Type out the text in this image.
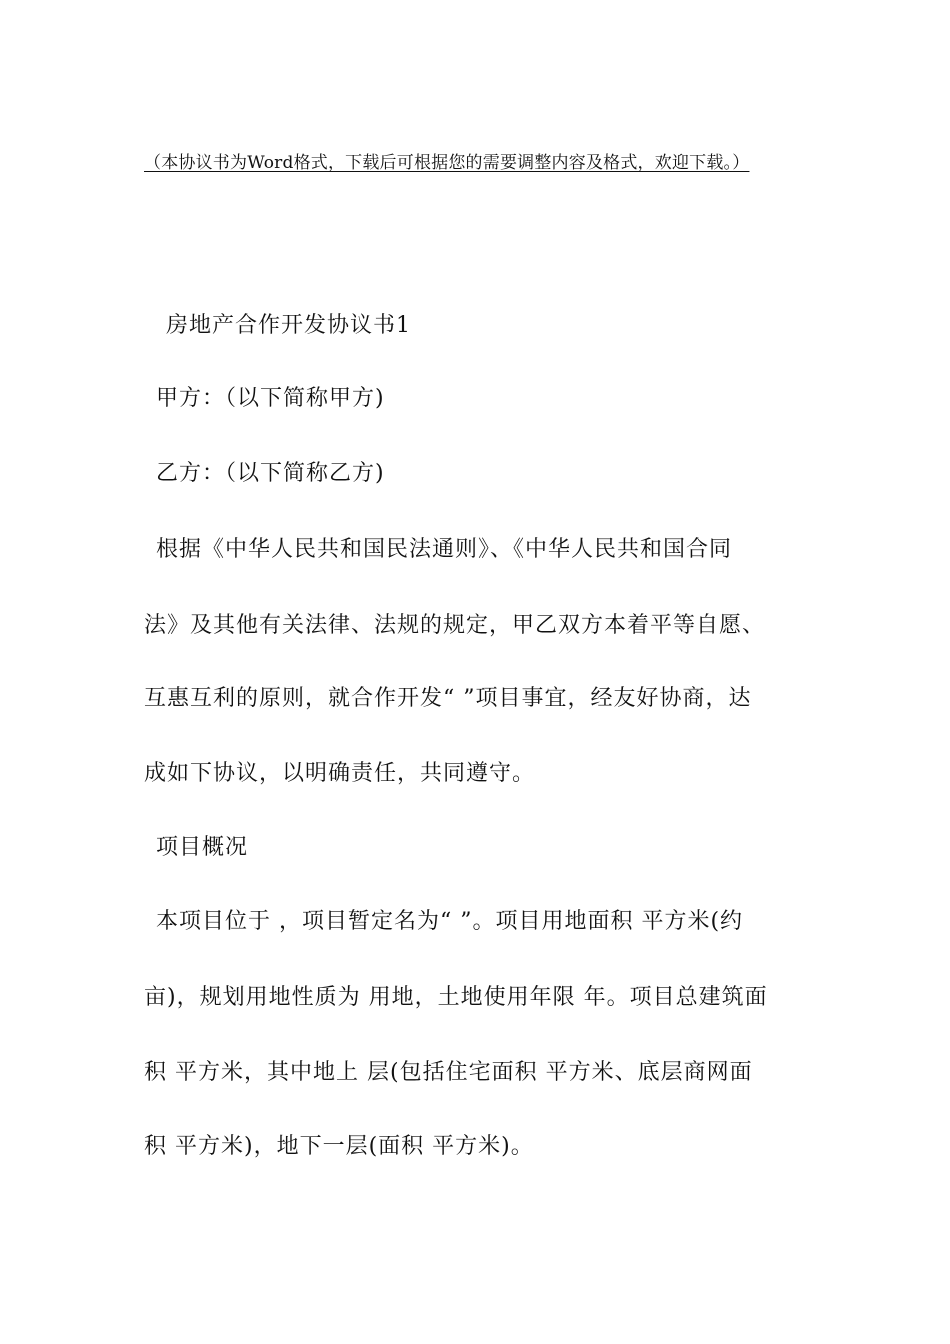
（本协议书为Word格式，下载后可根据您的需要调整内容及格式，欢迎下载。）
房地产合作开发协议书1
甲方：（以下简称甲方)
乙方：（以下简称乙方)
根据《中华人民共和国民法通则》、《中华人民共和国合同
法》及其他有关法律、法规的规定，甲乙双方本着平等自愿、
互惠互利的原则，就合作开发“ ”项目事宜，经友好协商，达
成如下协议，以明确责任，共同遵守。
项目概况
本项目位于 ，项目暂定名为“ ”。项目用地面积 平方米(约
亩)，规划用地性质为 用地，土地使用年限 年。项目总建筑面
积 平方米，其中地上 层(包括住宅面积 平方米、底层商网面
积 平方米)，地下一层(面积 平方米)。
